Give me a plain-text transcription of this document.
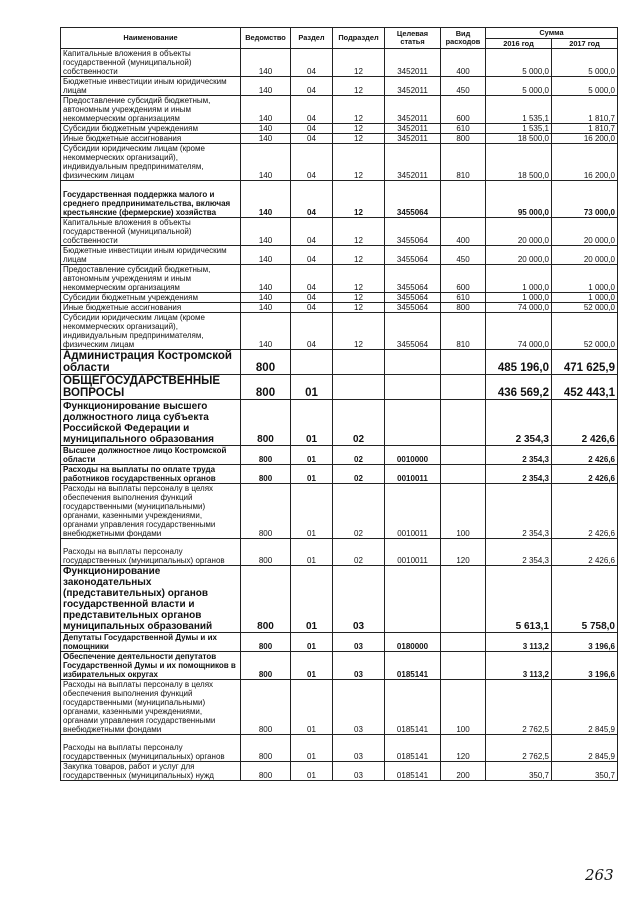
Наименование	Ведомство	Раздел	Подраздел	Целевая статья	Вид расходов	Сумма	
						2016 год	2017 год
Капитальные вложения в объекты государственной (муниципальной) собственности	140	04	12	3452011	400	5 000,0	5 000,0
Бюджетные инвестиции иным юридическим лицам	140	04	12	3452011	450	5 000,0	5 000,0
Предоставление субсидий бюджетным, автономным учреждениям и иным некоммерческим организациям	140	04	12	3452011	600	1 535,1	1 810,7
Субсидии бюджетным учреждениям	140	04	12	3452011	610	1 535,1	1 810,7
Иные бюджетные ассигнования	140	04	12	3452011	800	18 500,0	16 200,0
Субсидии юридическим лицам (кроме некоммерческих организаций), индивидуальным предпринимателям, физическим лицам	140	04	12	3452011	810	18 500,0	16 200,0
Государственная поддержка малого и среднего предпринимательства, включая крестьянские (фермерские) хозяйства	140	04	12	3455064		95 000,0	73 000,0
Капитальные вложения в объекты государственной (муниципальной) собственности	140	04	12	3455064	400	20 000,0	20 000,0
Бюджетные инвестиции иным юридическим лицам	140	04	12	3455064	450	20 000,0	20 000,0
Предоставление субсидий бюджетным, автономным учреждениям и иным некоммерческим организациям	140	04	12	3455064	600	1 000,0	1 000,0
Субсидии бюджетным учреждениям	140	04	12	3455064	610	1 000,0	1 000,0
Иные бюджетные ассигнования	140	04	12	3455064	800	74 000,0	52 000,0
Субсидии юридическим лицам (кроме некоммерческих организаций), индивидуальным предпринимателям, физическим лицам	140	04	12	3455064	810	74 000,0	52 000,0
Администрация Костромской области	800					485 196,0	471 625,9
ОБЩЕГОСУДАРСТВЕННЫЕ ВОПРОСЫ	800	01				436 569,2	452 443,1
Функционирование высшего должностного лица субъекта Российской Федерации и муниципального образования	800	01	02			2 354,3	2 426,6
Высшее должностное лицо Костромской области	800	01	02	0010000		2 354,3	2 426,6
Расходы на выплаты по оплате труда работников государственных органов	800	01	02	0010011		2 354,3	2 426,6
Расходы на выплаты персоналу в целях обеспечения выполнения функций государственными (муниципальными) органами, казенными учреждениями, органами управления государственными внебюджетными фондами	800	01	02	0010011	100	2 354,3	2 426,6
Расходы на выплаты персоналу государственных (муниципальных) органов	800	01	02	0010011	120	2 354,3	2 426,6
Функционирование законодательных (представительных) органов государственной власти и представительных органов муниципальных образований	800	01	03			5 613,1	5 758,0
Депутаты Государственной Думы и их помощники	800	01	03	0180000		3 113,2	3 196,6
Обеспечение деятельности депутатов Государственной Думы и их помощников в избирательных округах	800	01	03	0185141		3 113,2	3 196,6
Расходы на выплаты персоналу в целях обеспечения выполнения функций государственными (муниципальными) органами, казенными учреждениями, органами управления государственными внебюджетными фондами	800	01	03	0185141	100	2 762,5	2 845,9
Расходы на выплаты персоналу государственных (муниципальных) органов	800	01	03	0185141	120	2 762,5	2 845,9
Закупка товаров, работ и услуг для государственных (муниципальных) нужд	800	01	03	0185141	200	350,7	350,7
263
